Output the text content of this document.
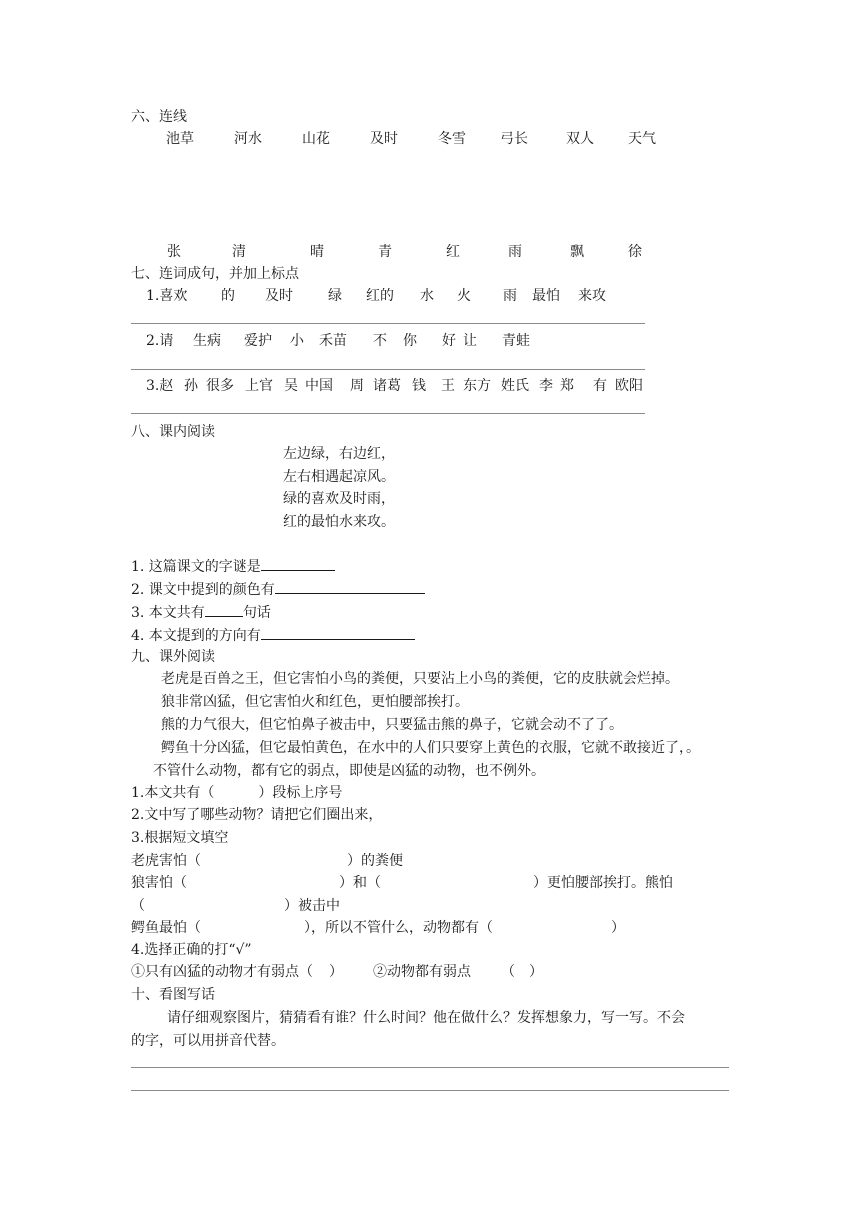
六、连线
池草	河水	山花	及时	冬雪 弓长	双人 天气
张	清	晴	青	红	雨	飘	徐
七、连词成句，并加上标点
1.喜欢 的 及时	绿 红的 水 火 雨 最怕 来攻
2.请 生病 爱护 小 禾苗 不 你 好 让 青蛙
3.赵 孙 很多 上官 吴 中国 周 诸葛 钱 王 东方 姓氏 李 郑 有 欧阳
八、课内阅读
左边绿，右边红，
左右相遇起凉风。
绿的喜欢及时雨，
红的最怕水来攻。
1. 这篇课文的字谜是
2. 课文中提到的颜色有
3. 本文共有	句话
4. 本文提到的方向有
九、课外阅读
老虎是百兽之王，但它害怕小鸟的粪便，只要沾上小鸟的粪便，它的皮肤就会烂掉。
狼非常凶猛，但它害怕火和红色，更怕腰部挨打。
熊的力气很大，但它怕鼻子被击中，只要猛击熊的鼻子，它就会动不了了。
鳄鱼十分凶猛，但它最怕黄色，在水中的人们只要穿上黄色的衣服，它就不敢接近了，。
不管什么动物，都有它的弱点，即使是凶猛的动物，也不例外。
1.本文共有（	）段标上序号
2.文中写了哪些动物？请把它们圈出来，
3.根据短文填空
老虎害怕（	）的粪便
狼害怕（	）和（	）更怕腰部挨打。熊怕
（	）被击中
鳄鱼最怕（	），所以不管什么，动物都有（	）
4.选择正确的打“√”
①只有凶猛的动物才有弱点（ ） ②动物都有弱点 （ ）
十、看图写话
请仔细观察图片，猜猜看有谁？什么时间？他在做什么？发挥想象力，写一写。不会
的字，可以用拼音代替。
